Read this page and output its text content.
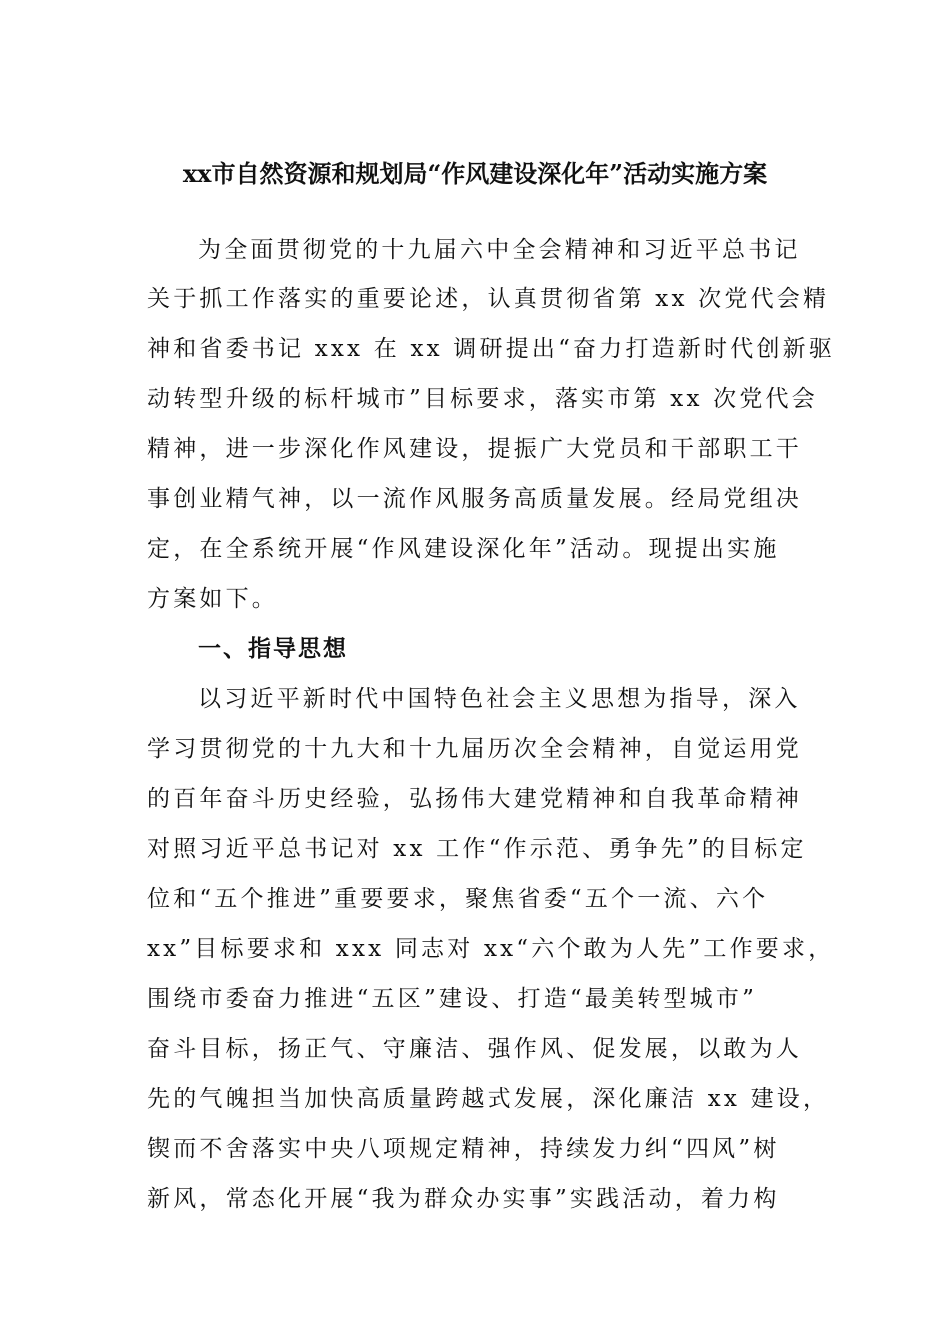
xx市自然资源和规划局“作风建设深化年”活动实施方案
为全面贯彻党的十九届六中全会精神和习近平总书记
关于抓工作落实的重要论述，认真贯彻省第 xx 次党代会精
神和省委书记 xxx 在 xx 调研提出“奋力打造新时代创新驱
动转型升级的标杆城市”目标要求，落实市第 xx 次党代会
精神，进一步深化作风建设，提振广大党员和干部职工干
事创业精气神，以一流作风服务高质量发展。经局党组决
定，在全系统开展“作风建设深化年”活动。现提出实施
方案如下。
一、指导思想
以习近平新时代中国特色社会主义思想为指导，深入
学习贯彻党的十九大和十九届历次全会精神，自觉运用党
的百年奋斗历史经验，弘扬伟大建党精神和自我革命精神
对照习近平总书记对 xx 工作“作示范、勇争先”的目标定
位和“五个推进”重要要求，聚焦省委“五个一流、六个
xx”目标要求和 xxx 同志对 xx“六个敢为人先”工作要求，
围绕市委奋力推进“五区”建设、打造“最美转型城市”
奋斗目标，扬正气、守廉洁、强作风、促发展，以敢为人
先的气魄担当加快高质量跨越式发展，深化廉洁 xx 建设，
锲而不舍落实中央八项规定精神，持续发力纠“四风”树
新风，常态化开展“我为群众办实事”实践活动，着力构
